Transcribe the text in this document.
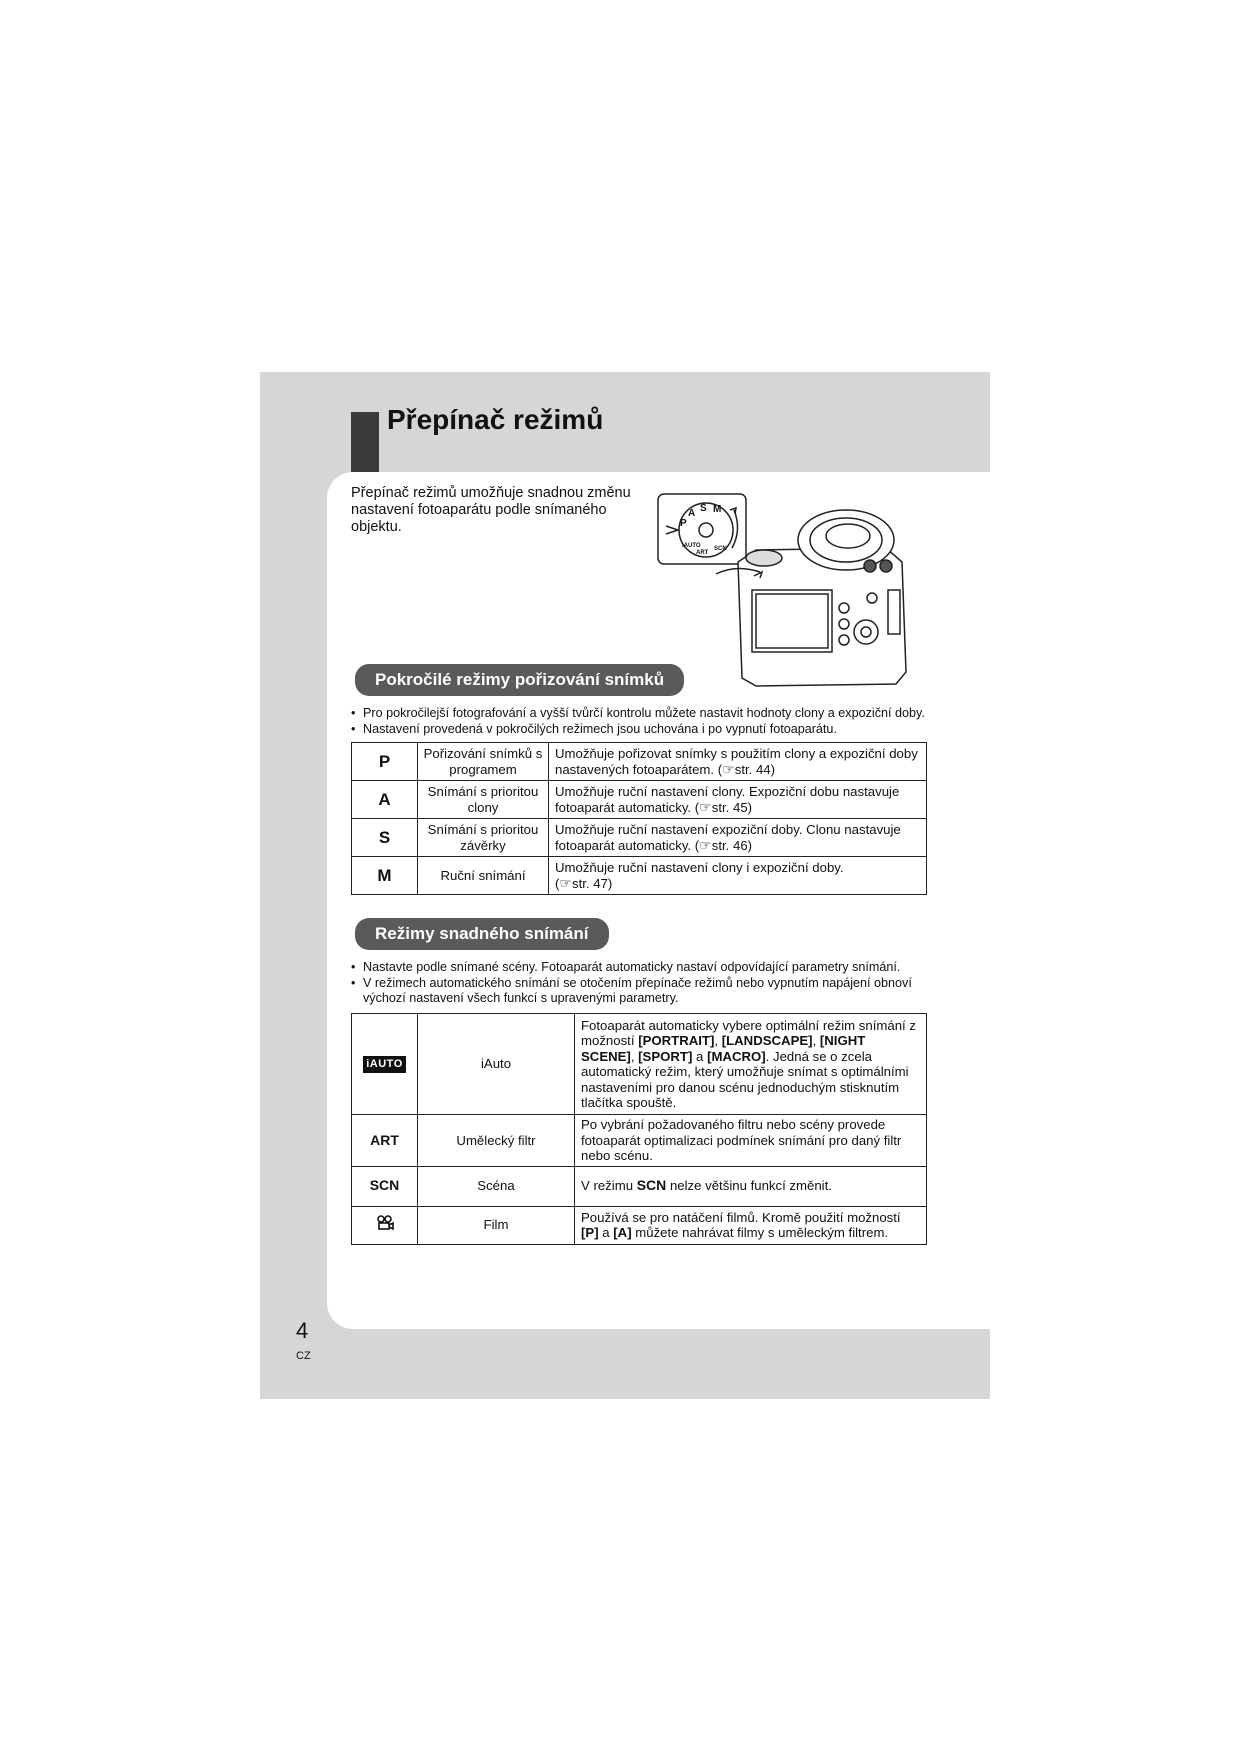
Přepínač režimů

Přepínač režimů umožňuje snadnou změnu nastavení fotoaparátu podle snímaného objektu.	P
A S M
iAUTO
ART
SCN
Pokročilé režimy pořizování snímků
• Pro pokročilejší fotografování a vyšší tvůrčí kontrolu můžete nastavit hodnoty clony a expoziční doby.
• Nastavení provedená v pokročilých režimech jsou uchována i po vypnutí fotoaparátu.
P	Pořizování snímků s programem	Umožňuje pořizovat snímky s použitím clony a expoziční doby nastavených fotoaparátem. (☞str. 44)
A	Snímání s prioritou clony	Umožňuje ruční nastavení clony. Expoziční dobu nastavuje fotoaparát automaticky. (☞str. 45)
S	Snímání s prioritou závěrky	Umožňuje ruční nastavení expoziční doby. Clonu nastavuje fotoaparát automaticky. (☞str. 46)
M	Ruční snímání	Umožňuje ruční nastavení clony i expoziční doby.
(☞str. 47)
Režimy snadného snímání
• Nastavte podle snímané scény. Fotoaparát automaticky nastaví odpovídající parametry snímání.
• V režimech automatického snímání se otočením přepínače režimů nebo vypnutím napájení obnoví výchozí nastavení všech funkcí s upravenými parametry.
iAUTO	iAuto	Fotoaparát automaticky vybere optimální režim snímání z možností [PORTRAIT], [LANDSCAPE], [NIGHT SCENE], [SPORT] a [MACRO]. Jedná se o zcela automatický režim, který umožňuje snímat s optimálními nastaveními pro danou scénu jednoduchým stisknutím tlačítka spouště.
ART	Umělecký filtr	Po vybrání požadovaného filtru nebo scény provede fotoaparát optimalizaci podmínek snímání pro daný filtr nebo scénu.
SCN	Scéna	V režimu SCN nelze většinu funkcí změnit.
	Film	Používá se pro natáčení filmů. Kromě použití možností [P] a [A] můžete nahrávat filmy s uměleckým filtrem.
4
CZ
